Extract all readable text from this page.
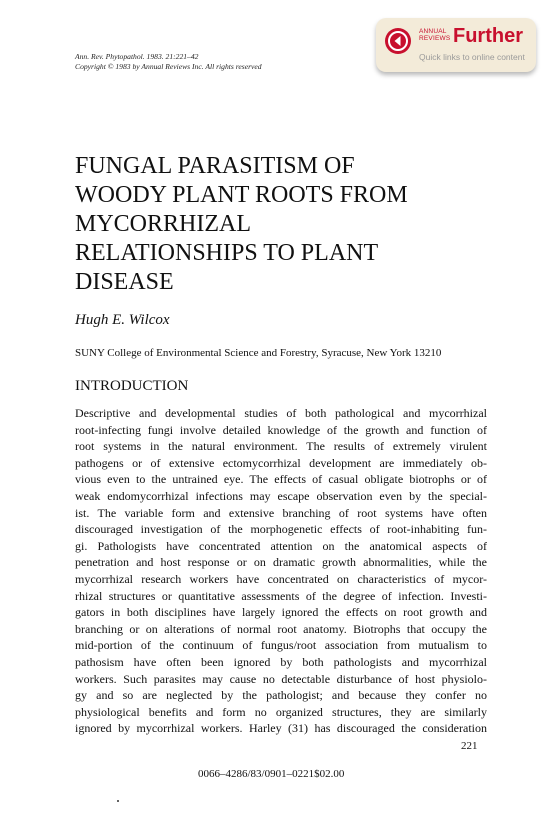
Ann. Rev. Phytopathol. 1983. 21:221–42
Copyright © 1983 by Annual Reviews Inc. All rights reserved
ANNUAL
REVIEWS Further
Quick links to online content
FUNGAL PARASITISM OF
WOODY PLANT ROOTS FROM
MYCORRHIZAL
RELATIONSHIPS TO PLANT
DISEASE
Hugh E. Wilcox
SUNY College of Environmental Science and Forestry, Syracuse, New York 13210
INTRODUCTION
Descriptive and developmental studies of both pathological and mycorrhizal
root-infecting fungi involve detailed knowledge of the growth and function of
root systems in the natural environment. The results of extremely virulent
pathogens or of extensive ectomycorrhizal development are immediately ob-
vious even to the untrained eye. The effects of casual obligate biotrophs or of
weak endomycorrhizal infections may escape observation even by the special-
ist. The variable form and extensive branching of root systems have often
discouraged investigation of the morphogenetic effects of root-inhabiting fun-
gi. Pathologists have concentrated attention on the anatomical aspects of
penetration and host response or on dramatic growth abnormalities, while the
mycorrhizal research workers have concentrated on characteristics of mycor-
rhizal structures or quantitative assessments of the degree of infection. Investi-
gators in both disciplines have largely ignored the effects on root growth and
branching or on alterations of normal root anatomy. Biotrophs that occupy the
mid-portion of the continuum of fungus/root association from mutualism to
pathosism have often been ignored by both pathologists and mycorrhizal
workers. Such parasites may cause no detectable disturbance of host physiolo-
gy and so are neglected by the pathologist; and because they confer no
physiological benefits and form no organized structures, they are similarly
ignored by mycorrhizal workers. Harley (31) has discouraged the consideration
221
0066–4286/83/0901–0221$02.00
